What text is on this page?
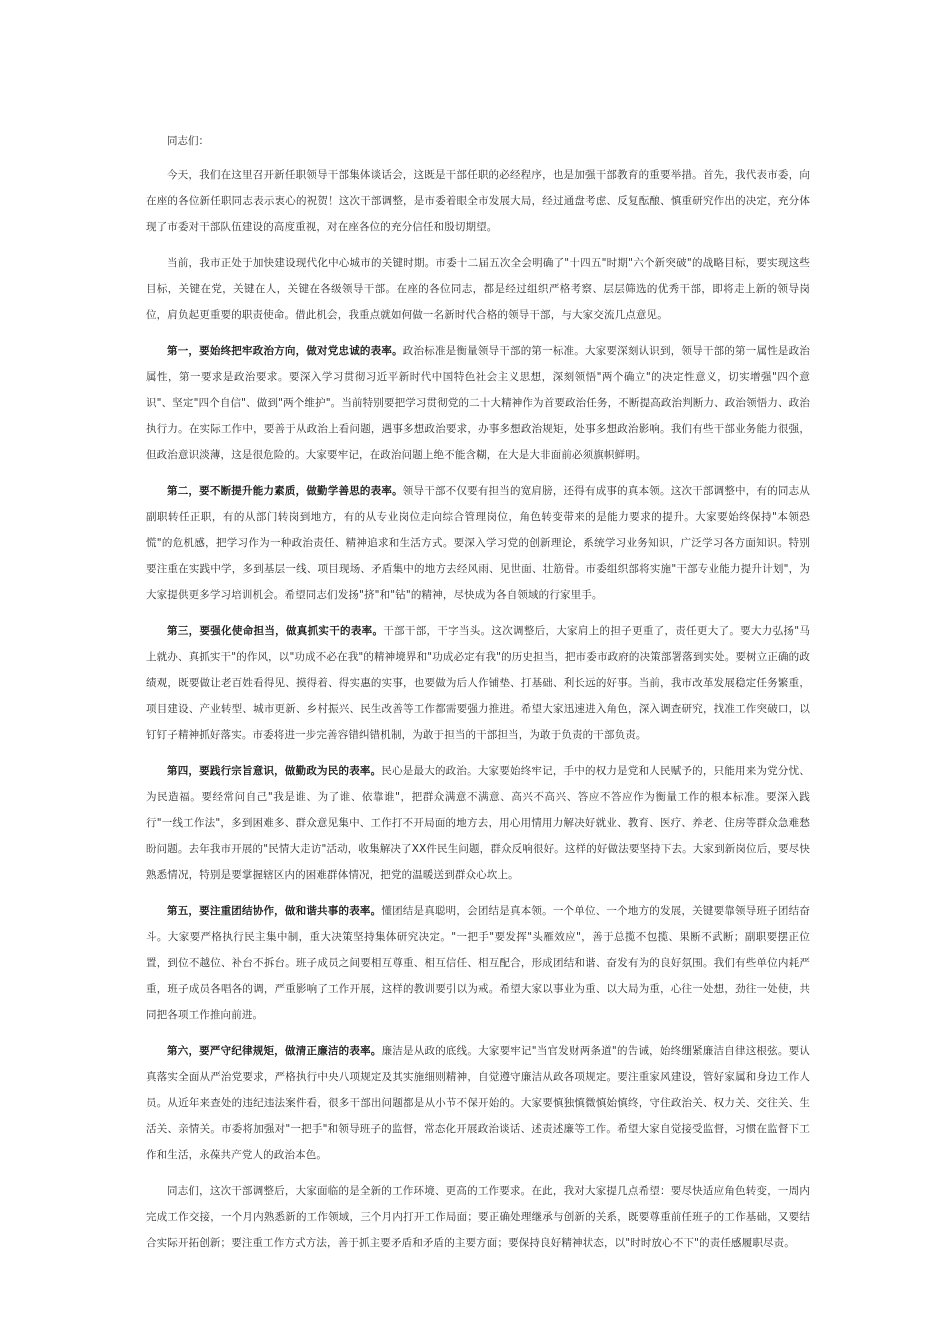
同志们：

今天，我们在这里召开新任职领导干部集体谈话会，这既是干部任职的必经程序，也是加强干部教育的重要举措。首先，我代表市委，向在座的各位新任职同志表示衷心的祝贺！这次干部调整，是市委着眼全市发展大局，经过通盘考虑、反复酝酿、慎重研究作出的决定，充分体现了市委对干部队伍建设的高度重视，对在座各位的充分信任和殷切期望。

当前，我市正处于加快建设现代化中心城市的关键时期。市委十二届五次全会明确了"十四五"时期"六个新突破"的战略目标，要实现这些目标，关键在党，关键在人，关键在各级领导干部。在座的各位同志，都是经过组织严格考察、层层筛选的优秀干部，即将走上新的领导岗位，肩负起更重要的职责使命。借此机会，我重点就如何做一名新时代合格的领导干部，与大家交流几点意见。

第一，要始终把牢政治方向，做对党忠诚的表率。政治标准是衡量领导干部的第一标准。大家要深刻认识到，领导干部的第一属性是政治属性，第一要求是政治要求。要深入学习贯彻习近平新时代中国特色社会主义思想，深刻领悟"两个确立"的决定性意义，切实增强"四个意识"、坚定"四个自信"、做到"两个维护"。当前特别要把学习贯彻党的二十大精神作为首要政治任务，不断提高政治判断力、政治领悟力、政治执行力。在实际工作中，要善于从政治上看问题，遇事多想政治要求，办事多想政治规矩，处事多想政治影响。我们有些干部业务能力很强，但政治意识淡薄，这是很危险的。大家要牢记，在政治问题上绝不能含糊，在大是大非面前必须旗帜鲜明。

第二，要不断提升能力素质，做勤学善思的表率。领导干部不仅要有担当的宽肩膀，还得有成事的真本领。这次干部调整中，有的同志从副职转任正职，有的从部门转岗到地方，有的从专业岗位走向综合管理岗位，角色转变带来的是能力要求的提升。大家要始终保持"本领恐慌"的危机感，把学习作为一种政治责任、精神追求和生活方式。要深入学习党的创新理论，系统学习业务知识，广泛学习各方面知识。特别要注重在实践中学，多到基层一线、项目现场、矛盾集中的地方去经风雨、见世面、壮筋骨。市委组织部将实施"干部专业能力提升计划"，为大家提供更多学习培训机会。希望同志们发扬"挤"和"钻"的精神，尽快成为各自领域的行家里手。

第三，要强化使命担当，做真抓实干的表率。干部干部，干字当头。这次调整后，大家肩上的担子更重了，责任更大了。要大力弘扬"马上就办、真抓实干"的作风，以"功成不必在我"的精神境界和"功成必定有我"的历史担当，把市委市政府的决策部署落到实处。要树立正确的政绩观，既要做让老百姓看得见、摸得着、得实惠的实事，也要做为后人作铺垫、打基础、利长远的好事。当前，我市改革发展稳定任务繁重，项目建设、产业转型、城市更新、乡村振兴、民生改善等工作都需要强力推进。希望大家迅速进入角色，深入调查研究，找准工作突破口，以钉钉子精神抓好落实。市委将进一步完善容错纠错机制，为敢于担当的干部担当，为敢于负责的干部负责。

第四，要践行宗旨意识，做勤政为民的表率。民心是最大的政治。大家要始终牢记，手中的权力是党和人民赋予的，只能用来为党分忧、为民造福。要经常问自己"我是谁、为了谁、依靠谁"，把群众满意不满意、高兴不高兴、答应不答应作为衡量工作的根本标准。要深入践行"一线工作法"，多到困难多、群众意见集中、工作打不开局面的地方去，用心用情用力解决好就业、教育、医疗、养老、住房等群众急难愁盼问题。去年我市开展的"民情大走访"活动，收集解决了XX件民生问题，群众反响很好。这样的好做法要坚持下去。大家到新岗位后，要尽快熟悉情况，特别是要掌握辖区内的困难群体情况，把党的温暖送到群众心坎上。

第五，要注重团结协作，做和谐共事的表率。懂团结是真聪明，会团结是真本领。一个单位、一个地方的发展，关键要靠领导班子团结奋斗。大家要严格执行民主集中制，重大决策坚持集体研究决定。"一把手"要发挥"头雁效应"，善于总揽不包揽、果断不武断；副职要摆正位置，到位不越位、补台不拆台。班子成员之间要相互尊重、相互信任、相互配合，形成团结和谐、奋发有为的良好氛围。我们有些单位内耗严重，班子成员各唱各的调，严重影响了工作开展，这样的教训要引以为戒。希望大家以事业为重、以大局为重，心往一处想，劲往一处使，共同把各项工作推向前进。

第六，要严守纪律规矩，做清正廉洁的表率。廉洁是从政的底线。大家要牢记"当官发财两条道"的告诫，始终绷紧廉洁自律这根弦。要认真落实全面从严治党要求，严格执行中央八项规定及其实施细则精神，自觉遵守廉洁从政各项规定。要注重家风建设，管好家属和身边工作人员。从近年来查处的违纪违法案件看，很多干部出问题都是从小节不保开始的。大家要慎独慎微慎始慎终，守住政治关、权力关、交往关、生活关、亲情关。市委将加强对"一把手"和领导班子的监督，常态化开展政治谈话、述责述廉等工作。希望大家自觉接受监督，习惯在监督下工作和生活，永葆共产党人的政治本色。

同志们，这次干部调整后，大家面临的是全新的工作环境、更高的工作要求。在此，我对大家提几点希望：要尽快适应角色转变，一周内完成工作交接，一个月内熟悉新的工作领域，三个月内打开工作局面；要正确处理继承与创新的关系，既要尊重前任班子的工作基础，又要结合实际开拓创新；要注重工作方式方法，善于抓主要矛盾和矛盾的主要方面；要保持良好精神状态，以"时时放心不下"的责任感履职尽责。
